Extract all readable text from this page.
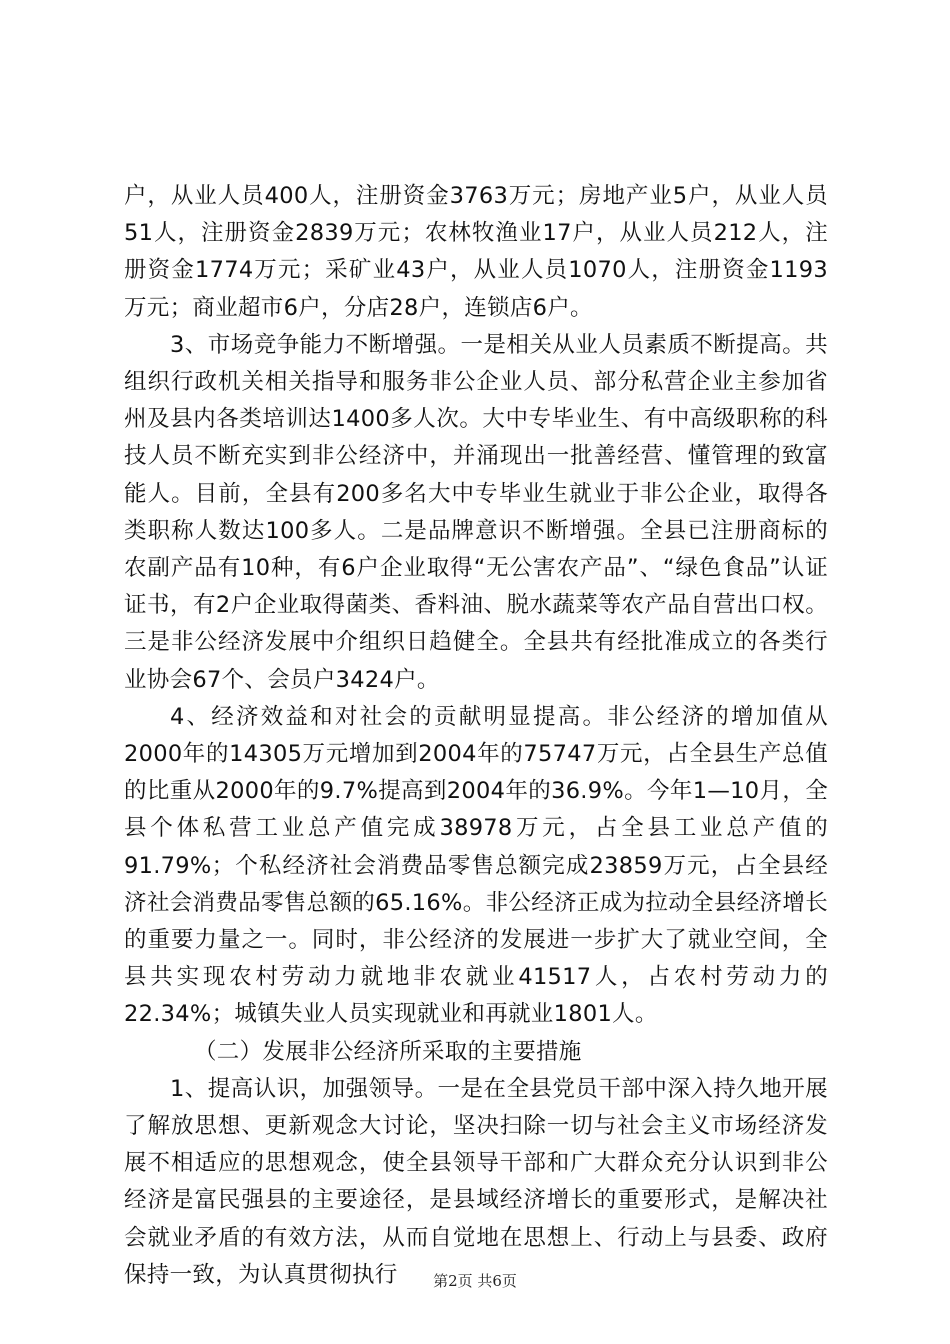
户，从业人员400人，注册资金3763万元；房地产业5户，从业人员51人，注册资金2839万元；农林牧渔业17户，从业人员212人，注册资金1774万元；采矿业43户，从业人员1070人，注册资金1193万元；商业超市6户，分店28户，连锁店6户。

3、市场竞争能力不断增强。一是相关从业人员素质不断提高。共组织行政机关相关指导和服务非公企业人员、部分私营企业主参加省州及县内各类培训达1400多人次。大中专毕业生、有中高级职称的科技人员不断充实到非公经济中，并涌现出一批善经营、懂管理的致富能人。目前，全县有200多名大中专毕业生就业于非公企业，取得各类职称人数达100多人。二是品牌意识不断增强。全县已注册商标的农副产品有10种，有6户企业取得“无公害农产品”、“绿色食品”认证证书，有2户企业取得菌类、香料油、脱水蔬菜等农产品自营出口权。三是非公经济发展中介组织日趋健全。全县共有经批准成立的各类行业协会67个、会员户3424户。

4、经济效益和对社会的贡献明显提高。非公经济的增加值从2000年的14305万元增加到2004年的75747万元，占全县生产总值的比重从2000年的9.7%提高到2004年的36.9%。今年1—10月，全县个体私营工业总产值完成38978万元，占全县工业总产值的91.79%；个私经济社会消费品零售总额完成23859万元，占全县经济社会消费品零售总额的65.16%。非公经济正成为拉动全县经济增长的重要力量之一。同时，非公经济的发展进一步扩大了就业空间，全县共实现农村劳动力就地非农就业41517人，占农村劳动力的22.34%；城镇失业人员实现就业和再就业1801人。

（二）发展非公经济所采取的主要措施

1、提高认识，加强领导。一是在全县党员干部中深入持久地开展了解放思想、更新观念大讨论，坚决扫除一切与社会主义市场经济发展不相适应的思想观念，使全县领导干部和广大群众充分认识到非公经济是富民强县的主要途径，是县域经济增长的重要形式，是解决社会就业矛盾的有效方法，从而自觉地在思想上、行动上与县委、政府保持一致，为认真贯彻执行	第2页 共6页
